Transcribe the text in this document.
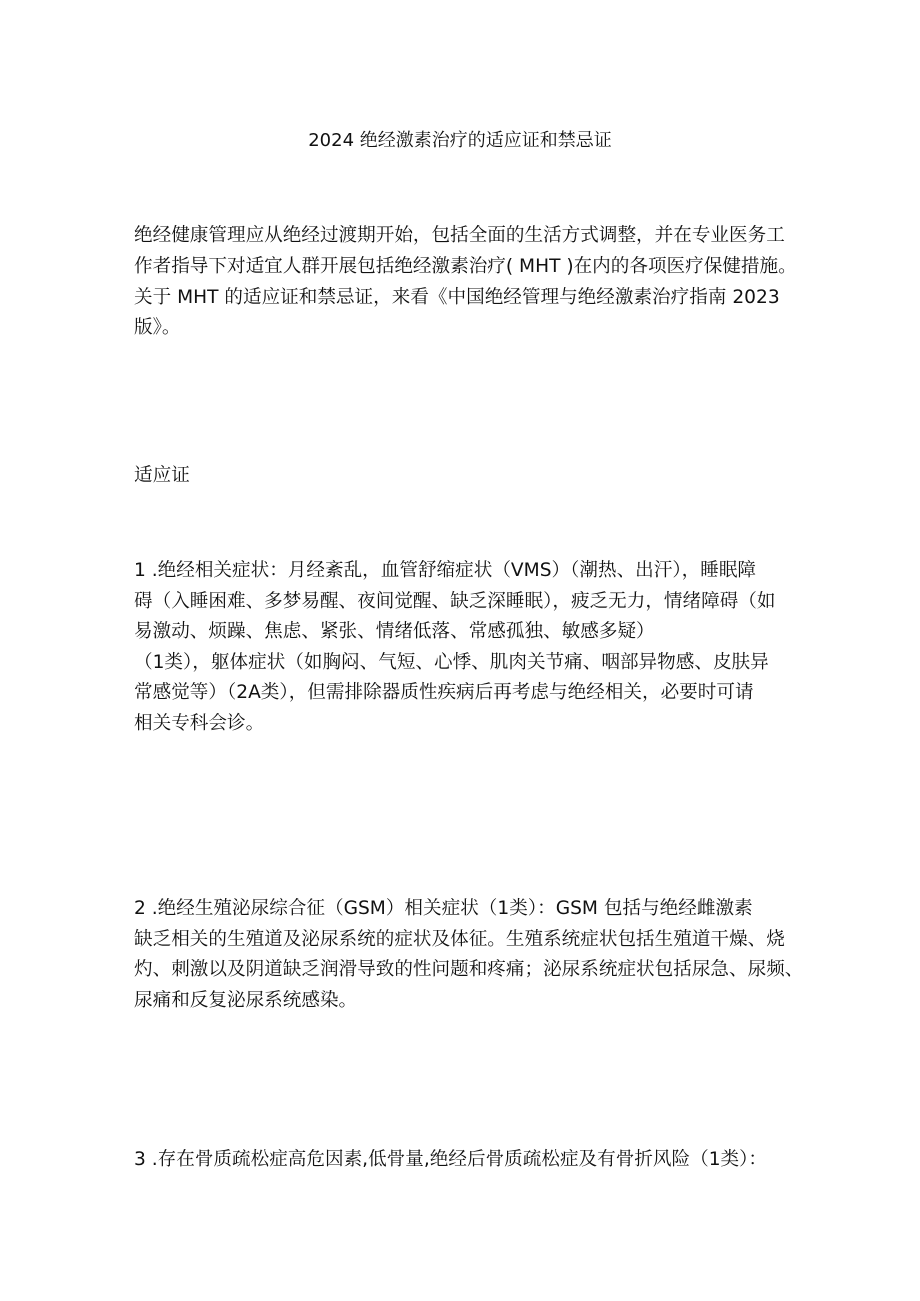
2024 绝经激素治疗的适应证和禁忌证
绝经健康管理应从绝经过渡期开始，包括全面的生活方式调整，并在专业医务工
作者指导下对适宜人群开展包括绝经激素治疗( MHT )在内的各项医疗保健措施。
关于 MHT 的适应证和禁忌证，来看《中国绝经管理与绝经激素治疗指南 2023
版》。
适应证
1 .绝经相关症状：月经紊乱，血管舒缩症状（VMS）（潮热、出汗），睡眠障
碍（入睡困难、多梦易醒、夜间觉醒、缺乏深睡眠），疲乏无力，情绪障碍（如
易激动、烦躁、焦虑、紧张、情绪低落、常感孤独、敏感多疑）
（1类），躯体症状（如胸闷、气短、心悸、肌肉关节痛、咽部异物感、皮肤异
常感觉等）（2A类），但需排除器质性疾病后再考虑与绝经相关，必要时可请
相关专科会诊。
2 .绝经生殖泌尿综合征（GSM）相关症状（1类）：GSM 包括与绝经雌激素
缺乏相关的生殖道及泌尿系统的症状及体征。生殖系统症状包括生殖道干燥、烧
灼、刺激以及阴道缺乏润滑导致的性问题和疼痛；泌尿系统症状包括尿急、尿频、
尿痛和反复泌尿系统感染。
3 .存在骨质疏松症高危因素,低骨量,绝经后骨质疏松症及有骨折风险（1类）：
